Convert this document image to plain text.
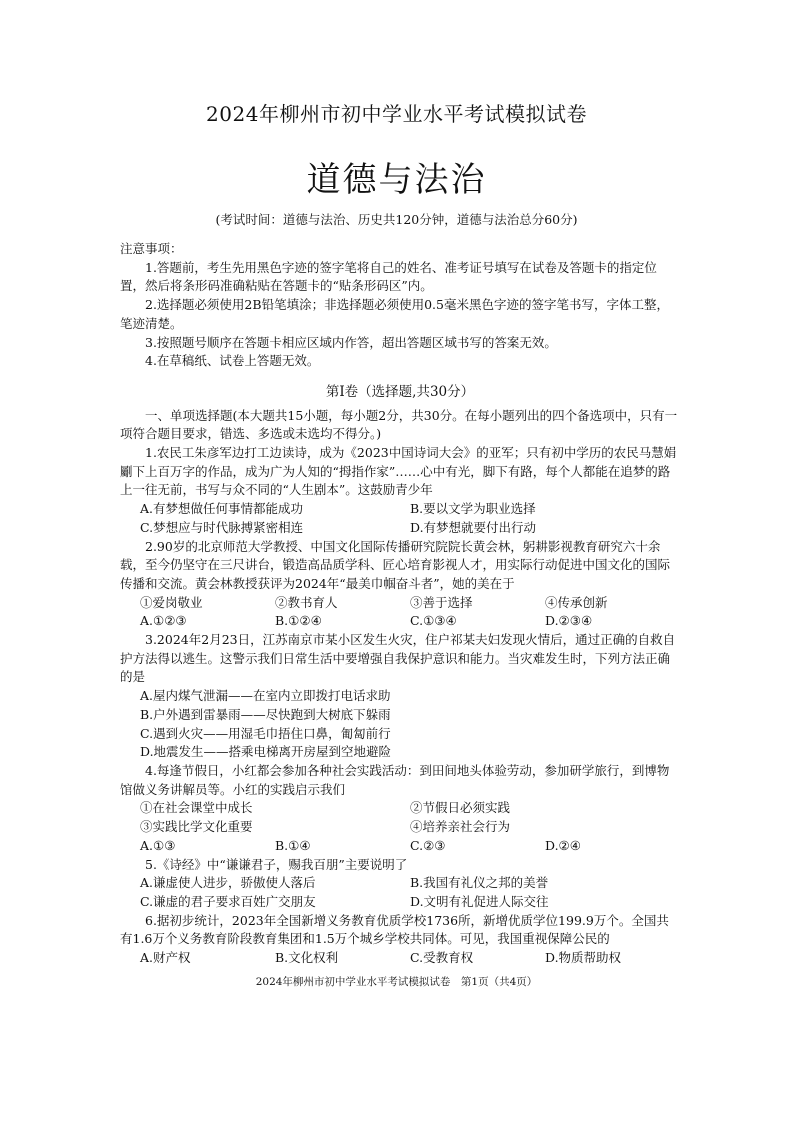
2024年柳州市初中学业水平考试模拟试卷
道德与法治
(考试时间：道德与法治、历史共120分钟，道德与法治总分60分)

注意事项：

1.答题前，考生先用黑色字迹的签字笔将自己的姓名、准考证号填写在试卷及答题卡的指定位置，然后将条形码准确粘贴在答题卡的“贴条形码区”内。

2.选择题必须使用2B铅笔填涂；非选择题必须使用0.5毫米黑色字迹的签字笔书写，字体工整，笔迹清楚。

3.按照题号顺序在答题卡相应区域内作答，超出答题区域书写的答案无效。

4.在草稿纸、试卷上答题无效。

第Ⅰ卷（选择题,共30分）

一、单项选择题(本大题共15小题，每小题2分，共30分。在每小题列出的四个备选项中，只有一项符合题目要求，错选、多选或未选均不得分。)

1.农民工朱彦军边打工边读诗，成为《2023中国诗词大会》的亚军；只有初中学历的农民马慧娟劚下上百万字的作品，成为广为人知的“拇指作家”……心中有光，脚下有路，每个人都能在追梦的路上一往无前，书写与众不同的“人生剧本”。这鼓励青少年

A.有梦想做任何事情都能成功	B.要以文学为职业选择
C.梦想应与时代脉搏紧密相连	D.有梦想就要付出行动

2.90岁的北京师范大学教授、中国文化国际传播研究院院长黄会林，躬耕影视教育研究六十余载，至今仍坚守在三尺讲台，锻造高品质学科、匠心培育影视人才，用实际行动促进中国文化的国际传播和交流。黄会林教授获评为2024年“最美巾帼奋斗者”，她的美在于

①爱岗敬业	②教书育人	③善于选择	④传承创新
A.①②③	B.①②④	C.①③④	D.②③④

3.2024年2月23日，江苏南京市某小区发生火灾，住户祁某夫妇发现火情后，通过正确的自救自护方法得以逃生。这警示我们日常生活中要增强自我保护意识和能力。当灾难发生时，下列方法正确的是

A.屋内煤气泄漏——在室内立即拨打电话求助

B.户外遇到雷暴雨——尽快跑到大树底下躲雨

C.遇到火灾——用湿毛巾捂住口鼻，匍匐前行

D.地震发生——搭乘电梯离开房屋到空地避险

4.每逢节假日，小红都会参加各种社会实践活动：到田间地头体验劳动，参加研学旅行，到博物馆做义务讲解员等。小红的实践启示我们

①在社会课堂中成长	②节假日必须实践
③实践比学文化重要	④培养亲社会行为
A.①③	B.①④	C.②③	D.②④

5.《诗经》中“谦谦君子，赐我百朋”主要说明了

A.谦虚使人进步，骄傲使人落后	B.我国有礼仪之邦的美誉
C.谦虚的君子要求百姓广交朋友	D.文明有礼促进人际交往

6.据初步统计，2023年全国新增义务教育优质学校1736所，新增优质学位199.9万个。全国共有1.6万个义务教育阶段教育集团和1.5万个城乡学校共同体。可见，我国重视保障公民的

A.财产权	B.文化权利	C.受教育权	D.物质帮助权
2024年柳州市初中学业水平考试模拟试卷　第1页（共4页）
